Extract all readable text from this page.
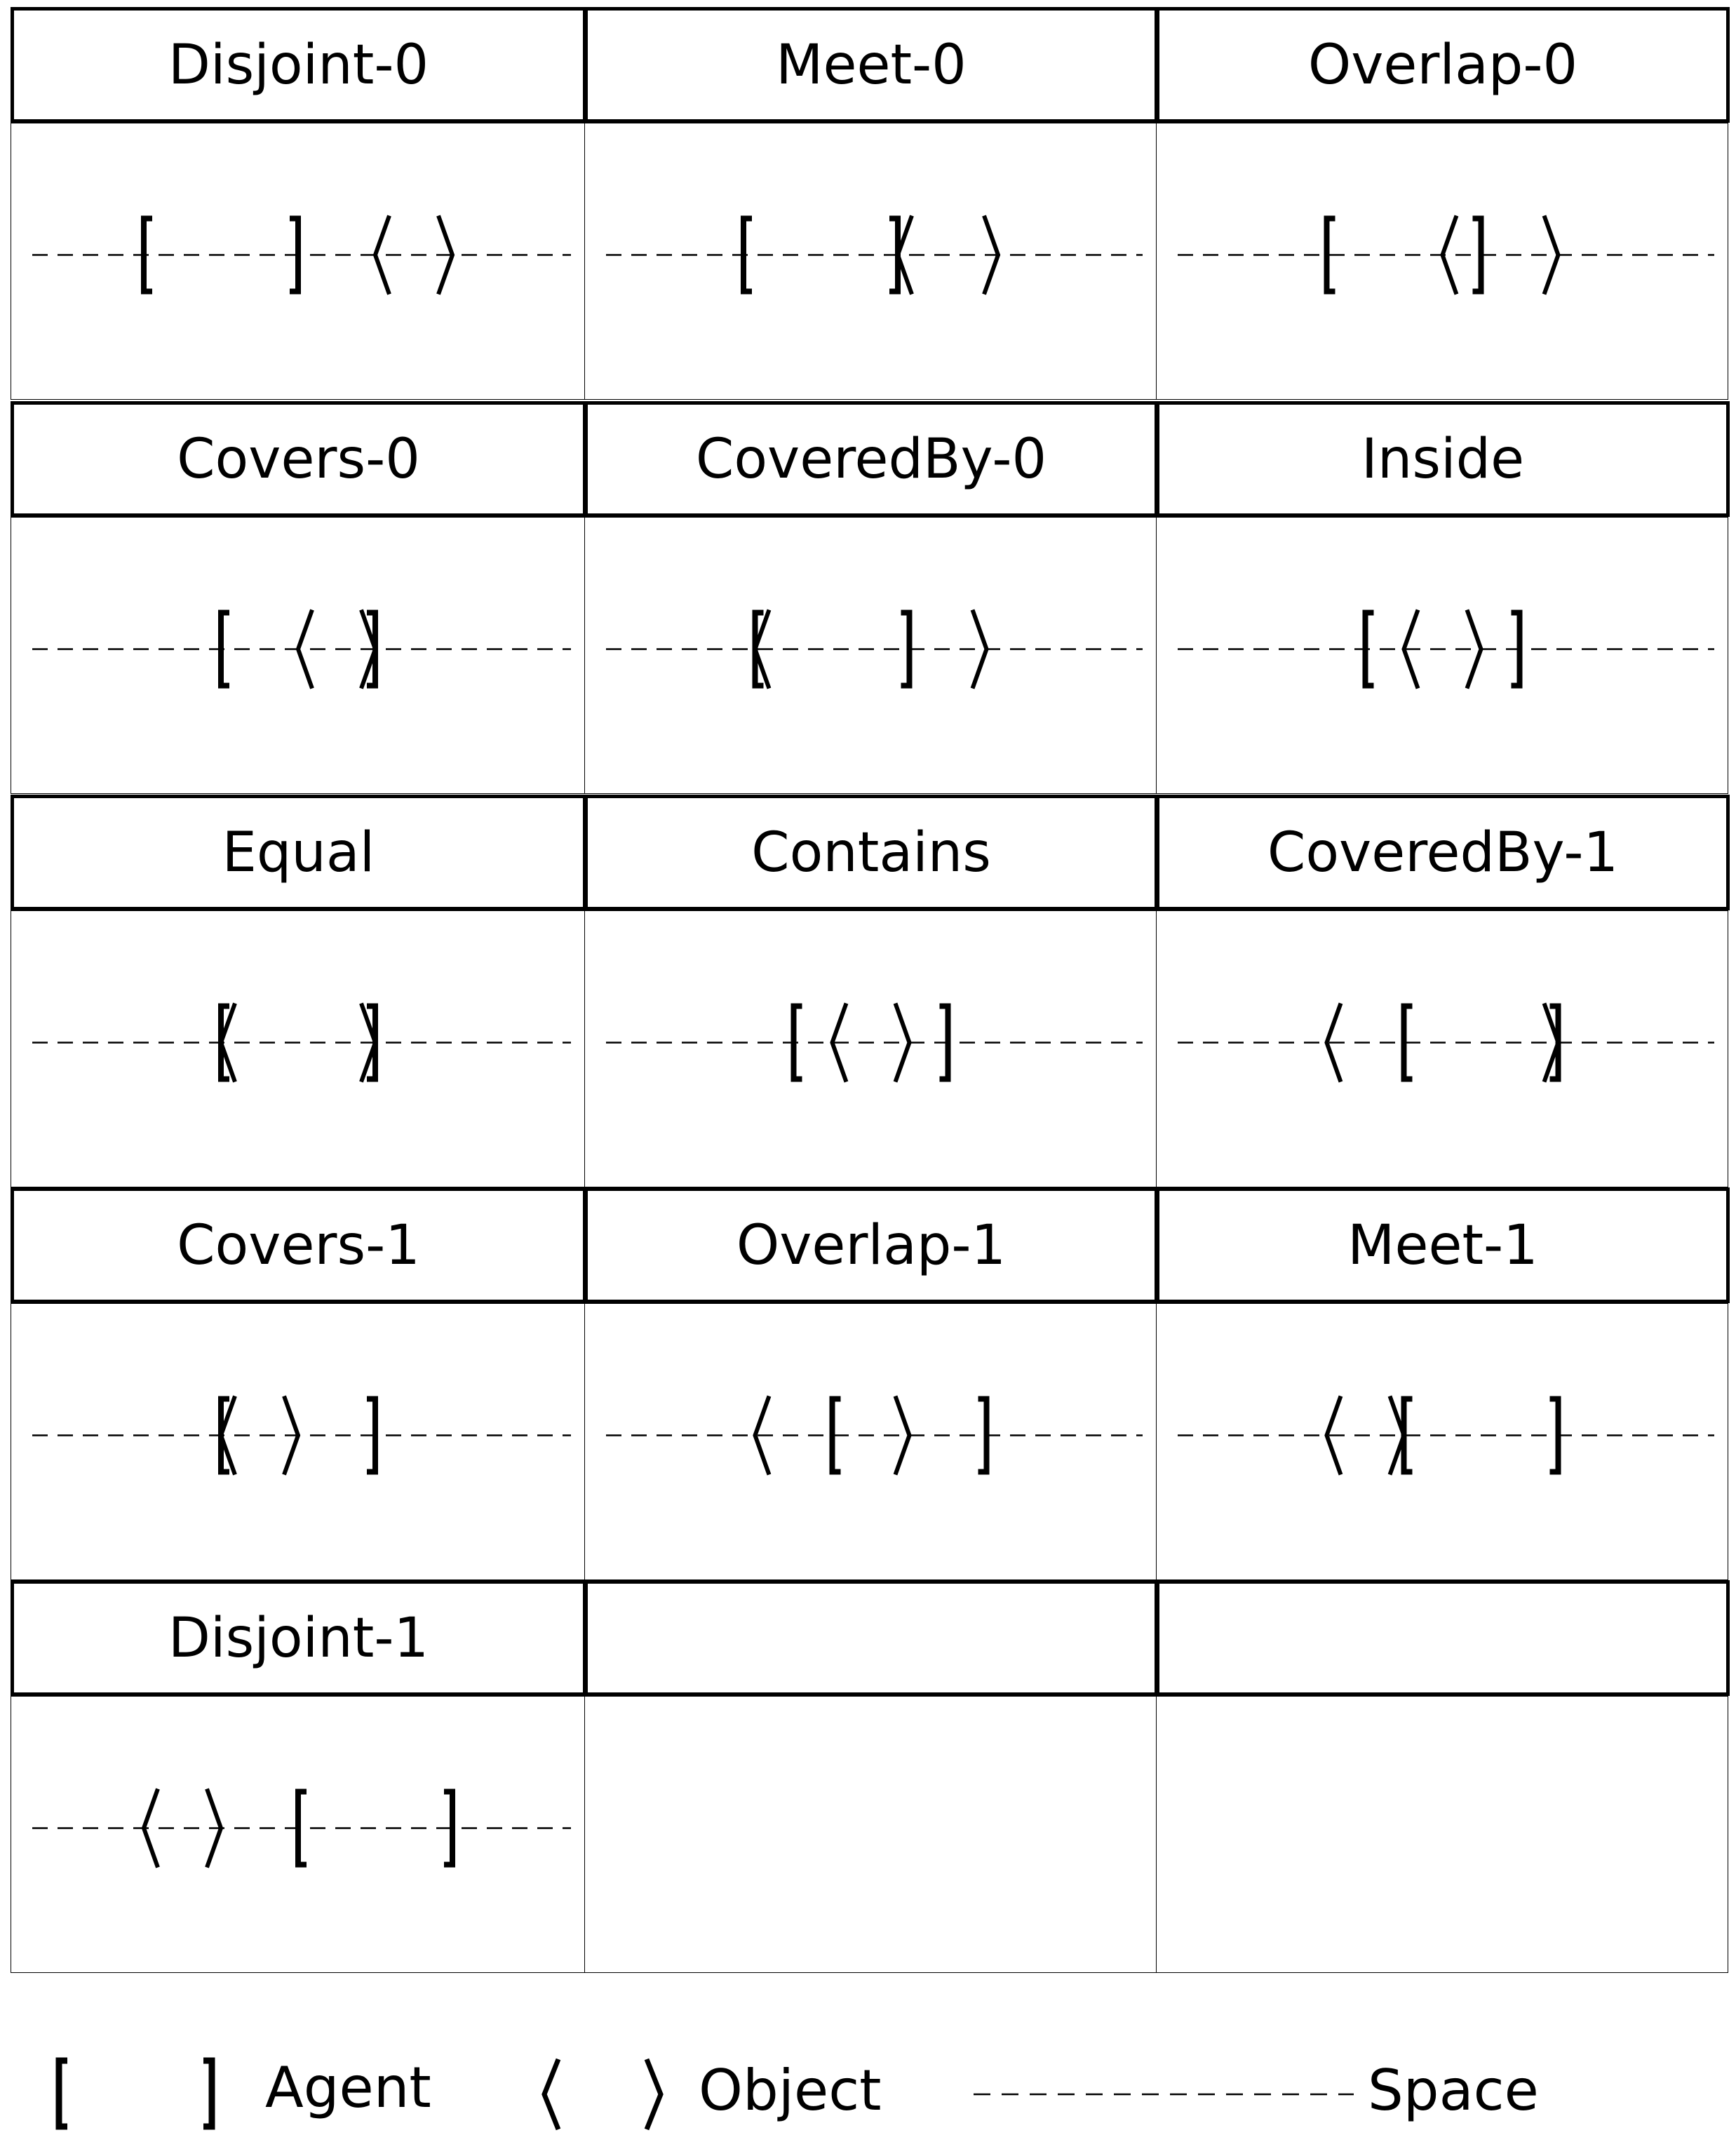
Disjoint-0	Meet-0	Overlap-0
Covers-0	CoveredBy-0	Inside
Equal	Contains	CoveredBy-1
Covers-1	Overlap-1	Meet-1
Disjoint-1
Agent	Object	Space
